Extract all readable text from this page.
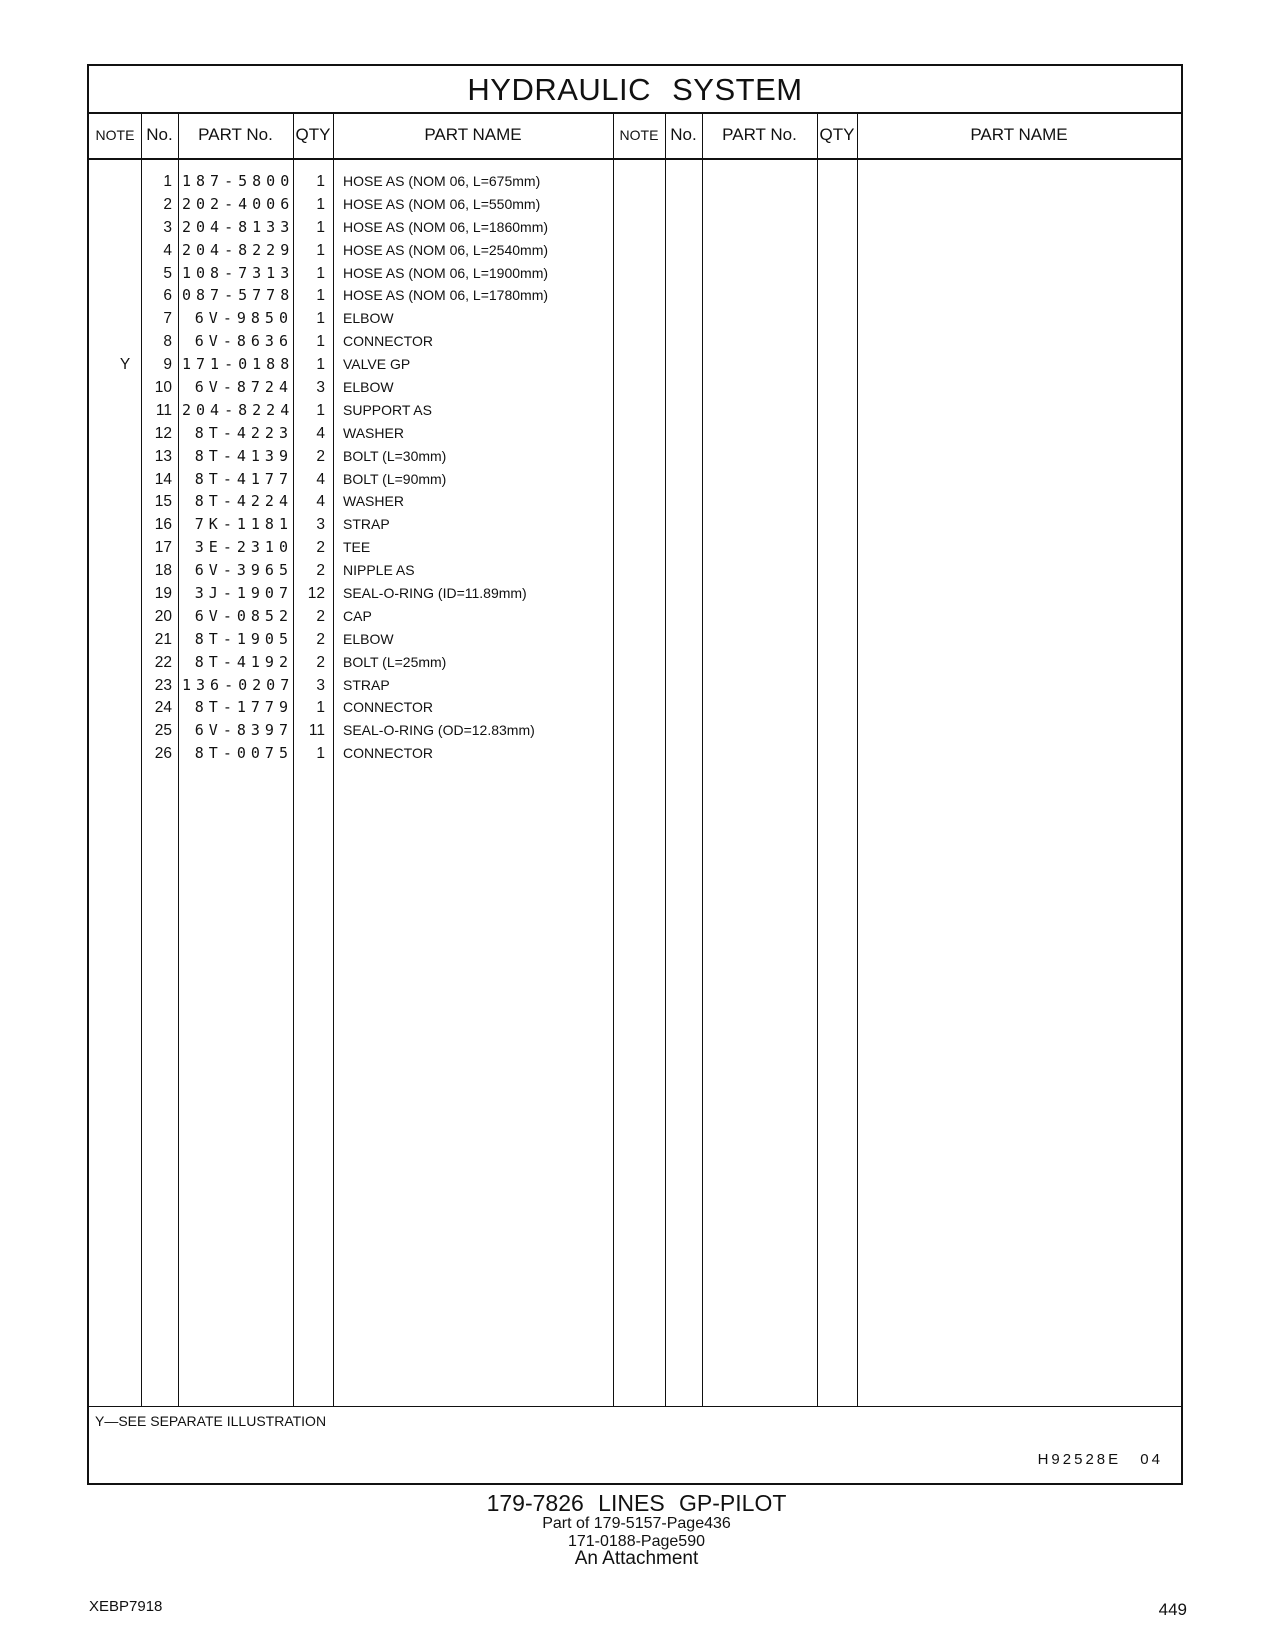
HYDRAULIC SYSTEM
NOTE No.	PART No.	QTY	PART NAME	NOTE No.	PART No.	QTY	PART NAME
1 187-5800	1 HOSE AS (NOM 06, L=675mm)
2 202-4006	1 HOSE AS (NOM 06, L=550mm)
3 204-8133	1 HOSE AS (NOM 06, L=1860mm)
4 204-8229	1 HOSE AS (NOM 06, L=2540mm)
5 108-7313	1 HOSE AS (NOM 06, L=1900mm)
6 087-5778	1 HOSE AS (NOM 06, L=1780mm)
7	6V-9850	1 ELBOW
8	6V-8636	1 CONNECTOR
Y	9 171-0188	1 VALVE GP
10	6V-8724	3 ELBOW
11 204-8224	1 SUPPORT AS
12	8T-4223	4 WASHER
13	8T-4139	2 BOLT (L=30mm)
14	8T-4177	4 BOLT (L=90mm)
15	8T-4224	4 WASHER
16	7K-1181	3 STRAP
17	3E-2310	2 TEE
18	6V-3965	2 NIPPLE AS
19	3J-1907 12 SEAL-O-RING (ID=11.89mm)
20	6V-0852	2 CAP
21	8T-1905	2 ELBOW
22	8T-4192	2 BOLT (L=25mm)
23 136-0207	3 STRAP
24	8T-1779	1 CONNECTOR
25	6V-8397	11 SEAL-O-RING (OD=12.83mm)
26	8T-0075	1 CONNECTOR
Y—SEE SEPARATE ILLUSTRATION
H92528E 04
179-7826 LINES GP-PILOT
Part of 179-5157-Page436
171-0188-Page590
An Attachment
XEBP7918	449
